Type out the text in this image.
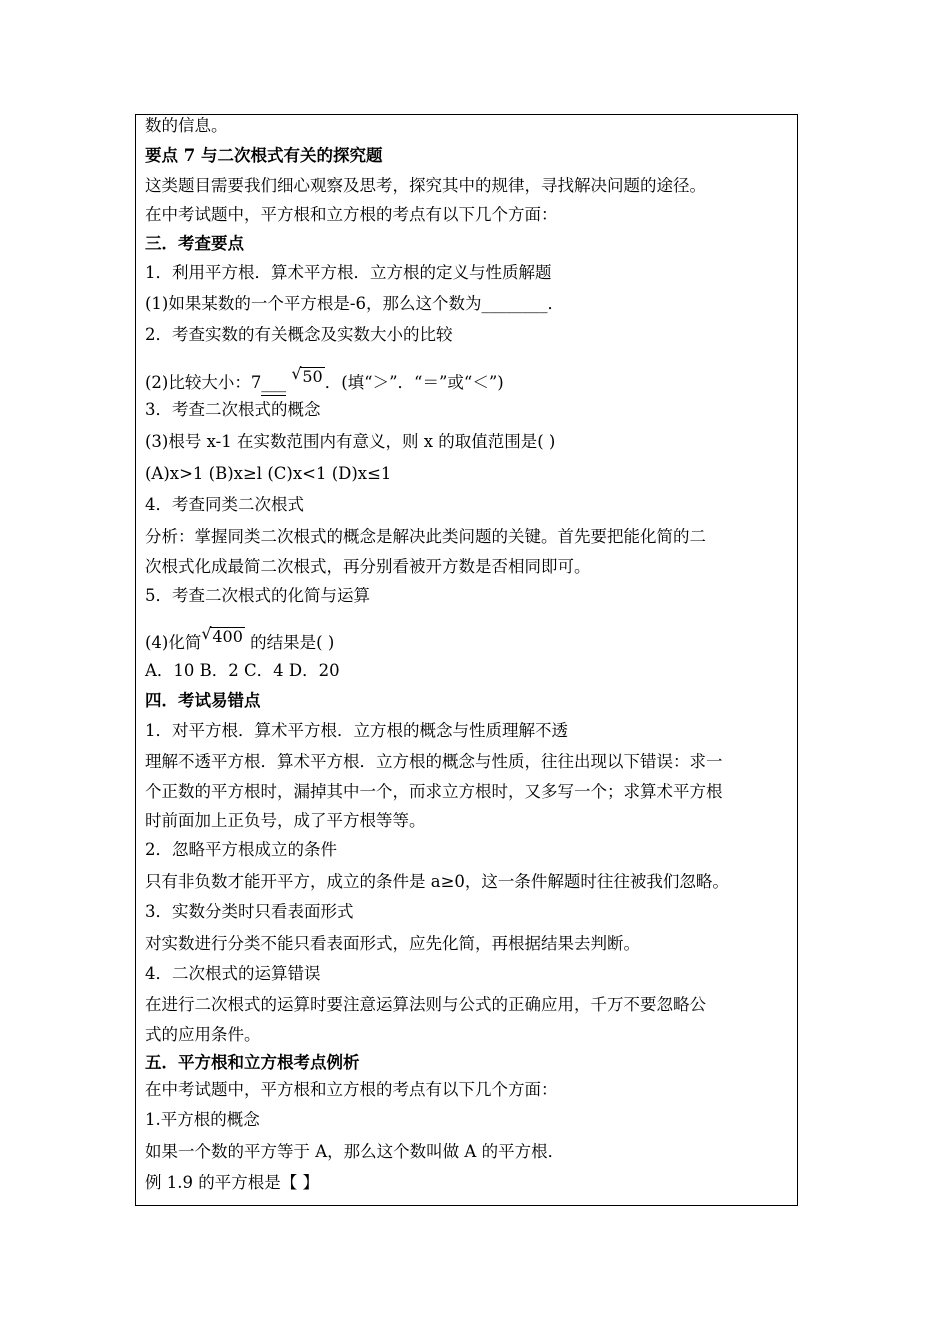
数的信息。
要点 7 与二次根式有关的探究题
这类题目需要我们细心观察及思考，探究其中的规律，寻找解决问题的途径。
在中考试题中，平方根和立方根的考点有以下几个方面：
三．考查要点
1．利用平方根．算术平方根．立方根的定义与性质解题
(1)如果某数的一个平方根是-6，那么这个数为________．
2．考查实数的有关概念及实数大小的比较
(2)比较大小：7___ √ 50 ．(填“＞”．“＝”或“＜”)
3．考查二次根式的概念
(3)根号 x-1 在实数范围内有意义，则 x 的取值范围是( )
(A)x>1 (B)x≥l (C)x<1 (D)x≤1
4．考查同类二次根式
分析：掌握同类二次根式的概念是解决此类问题的关键。首先要把能化简的二
次根式化成最简二次根式，再分别看被开方数是否相同即可。
5．考查二次根式的化简与运算
(4)化简 √ 400 的结果是( )
A．10 B．2 C．4 D．20
四．考试易错点
1．对平方根．算术平方根．立方根的概念与性质理解不透
理解不透平方根．算术平方根．立方根的概念与性质，往往出现以下错误：求一
个正数的平方根时，漏掉其中一个，而求立方根时，又多写一个；求算术平方根
时前面加上正负号，成了平方根等等。
2．忽略平方根成立的条件
只有非负数才能开平方，成立的条件是 a≥0，这一条件解题时往往被我们忽略。
3．实数分类时只看表面形式
对实数进行分类不能只看表面形式，应先化简，再根据结果去判断。
4．二次根式的运算错误
在进行二次根式的运算时要注意运算法则与公式的正确应用，千万不要忽略公
式的应用条件。
五．平方根和立方根考点例析
在中考试题中，平方根和立方根的考点有以下几个方面：
1.平方根的概念
如果一个数的平方等于 A，那么这个数叫做 A 的平方根．
例 1.9 的平方根是【 】
